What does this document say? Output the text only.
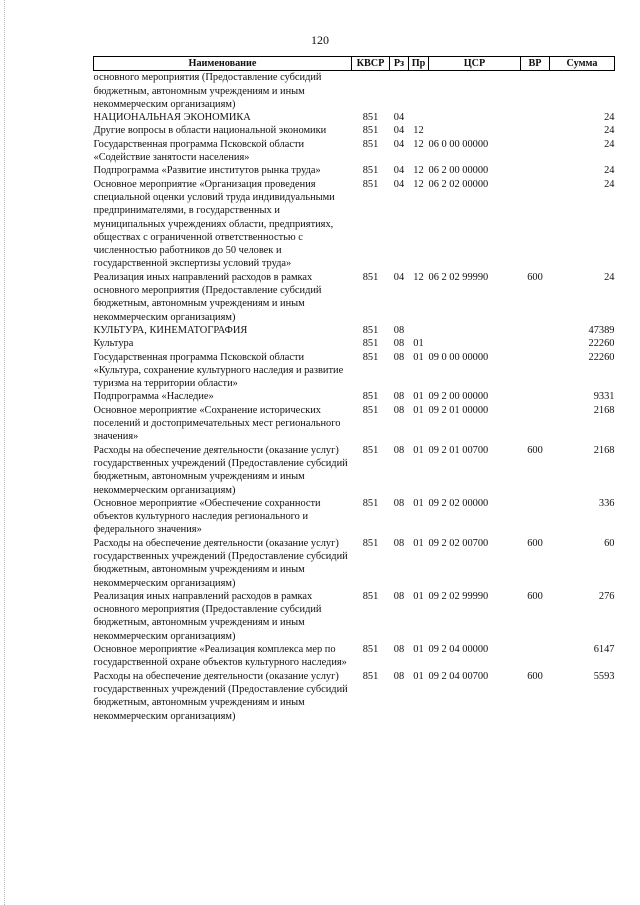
120
Наименование	КВСР	Рз	Пр	ЦСР	ВР	Сумма
основного мероприятия (Предоставление субсидий бюджетным, автономным учреждениям и иным некоммерческим организациям)						
НАЦИОНАЛЬНАЯ ЭКОНОМИКА	851	04				24
Другие вопросы в области национальной экономики	851	04	12			24
Государственная программа Псковской области «Содействие занятости населения»	851	04	12	06 0 00 00000		24
Подпрограмма «Развитие институтов рынка труда»	851	04	12	06 2 00 00000		24
Основное мероприятие «Организация проведения специальной оценки условий труда индивидуальными предпринимателями, в государственных и муниципальных учреждениях области, предприятиях, обществах с ограниченной ответственностью с численностью работников до 50 человек и государственной экспертизы условий труда»	851	04	12	06 2 02 00000		24
Реализация иных направлений расходов в рамках основного мероприятия (Предоставление субсидий бюджетным, автономным учреждениям и иным некоммерческим организациям)	851	04	12	06 2 02 99990	600	24
КУЛЬТУРА, КИНЕМАТОГРАФИЯ	851	08				47389
Культура	851	08	01			22260
Государственная программа Псковской области «Культура, сохранение культурного наследия и развитие туризма на территории области»	851	08	01	09 0 00 00000		22260
Подпрограмма «Наследие»	851	08	01	09 2 00 00000		9331
Основное мероприятие «Сохранение исторических поселений и достопримечательных мест регионального значения»	851	08	01	09 2 01 00000		2168
Расходы на обеспечение деятельности (оказание услуг) государственных учреждений (Предоставление субсидий бюджетным, автономным учреждениям и иным некоммерческим организациям)	851	08	01	09 2 01 00700	600	2168
Основное мероприятие «Обеспечение сохранности объектов культурного наследия регионального и федерального значения»	851	08	01	09 2 02 00000		336
Расходы на обеспечение деятельности (оказание услуг) государственных учреждений (Предоставление субсидий бюджетным, автономным учреждениям и иным некоммерческим организациям)	851	08	01	09 2 02 00700	600	60
Реализация иных направлений расходов в рамках основного мероприятия (Предоставление субсидий бюджетным, автономным учреждениям и иным некоммерческим организациям)	851	08	01	09 2 02 99990	600	276
Основное мероприятие «Реализация комплекса мер по государственной охране объектов культурного наследия»	851	08	01	09 2 04 00000		6147
Расходы на обеспечение деятельности (оказание услуг) государственных учреждений (Предоставление субсидий бюджетным, автономным учреждениям и иным некоммерческим организациям)	851	08	01	09 2 04 00700	600	5593
